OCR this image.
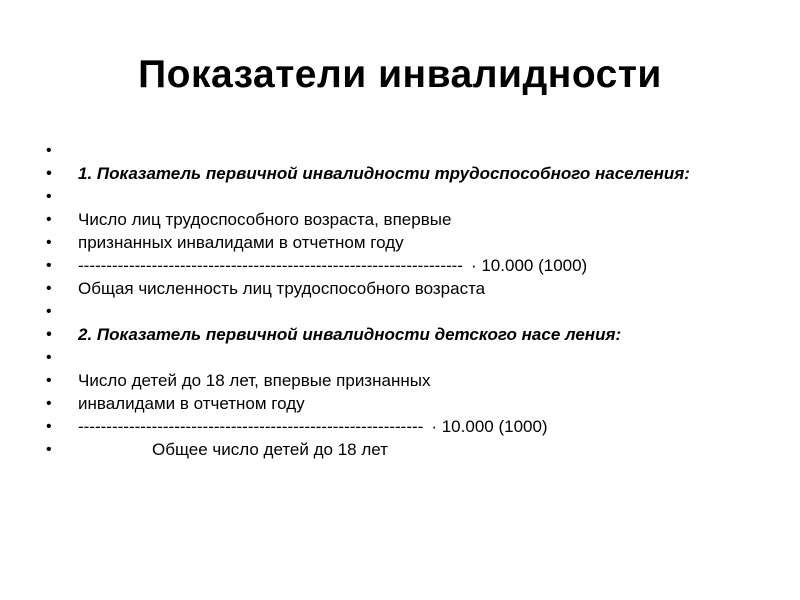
Показатели инвалидности
•
• 1. Показатель первичной инвалидности трудоспособного населения:
•
• Число лиц трудоспособного возраста, впервые
• признанных инвалидами в отчетном году
• -------------------------------------------------------------------- · 10.000 (1000)
• Общая численность лиц трудоспособного возраста
•
• 2. Показатель первичной инвалидности детского насе ления:
•
• Число детей до 18 лет, впервые признанных
• инвалидами в отчетном году
• ------------------------------------------------------------- · 10.000 (1000)
• Общее число детей до 18 лет
